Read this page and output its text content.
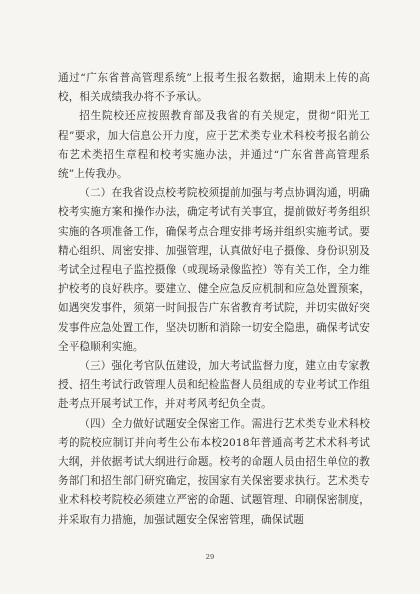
通过“广东省普高管理系统”上报考生报名数据，逾期未上传的高校，相关成绩我办将不予承认。

招生院校还应按照教育部及我省的有关规定，贯彻“阳光工程”要求，加大信息公开力度，应于艺术类专业术科校考报名前公布艺术类招生章程和校考实施办法，并通过“广东省普高管理系统”上传我办。

（二）在我省设点校考院校须提前加强与考点协调沟通，明确校考实施方案和操作办法，确定考试有关事宜，提前做好考务组织实施的各项准备工作，确保考点合理安排考场并组织实施考试。要精心组织、周密安排、加强管理，认真做好电子摄像、身份识别及考试全过程电子监控摄像（或现场录像监控）等有关工作，全力维护校考的良好秩序。要建立、健全应急反应机制和应急处置预案，如遇突发事件，须第一时间报告广东省教育考试院，并切实做好突发事件应急处置工作，坚决切断和消除一切安全隐患，确保考试安全平稳顺利实施。

（三）强化考官队伍建设，加大考试监督力度，建立由专家教授、招生考试行政管理人员和纪检监督人员组成的专业考试工作组赴考点开展考试工作，并对考风考纪负全责。

（四）全力做好试题安全保密工作。需进行艺术类专业术科校考的院校应制订并向考生公布本校2018年普通高考艺术术科考试大纲，并依据考试大纲进行命题。校考的命题人员由招生单位的教务部门和招生部门研究确定，按国家有关保密要求执行。艺术类专业术科校考院校必须建立严密的命题、试题管理、印刷保密制度，并采取有力措施，加强试题安全保密管理，确保试题

29
